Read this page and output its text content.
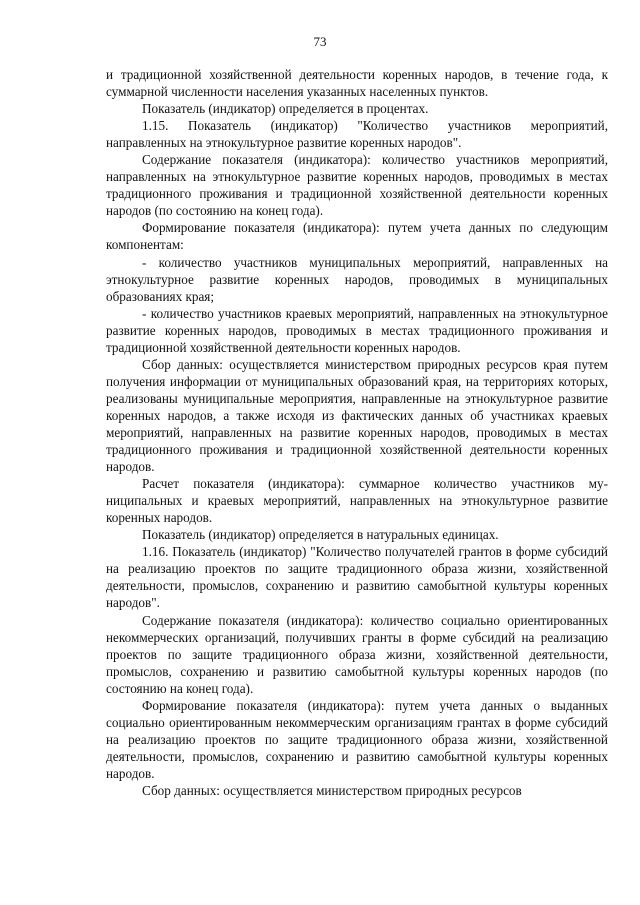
73

и традиционной хозяйственной деятельности коренных народов, в течение года, к суммарной численности населения указанных населенных пунктов.

Показатель (индикатор) определяется в процентах.

1.15. Показатель (индикатор) "Количество участников мероприятий, направленных на этнокультурное развитие коренных народов".

Содержание показателя (индикатора): количество участников мероприятий, направленных на этнокультурное развитие коренных народов, проводимых в местах традиционного проживания и традиционной хозяйственной деятельности коренных народов (по состоянию на конец года).

Формирование показателя (индикатора): путем учета данных по следующим компонентам:

- количество участников муниципальных мероприятий, направленных на этнокультурное развитие коренных народов, проводимых в муниципальных образованиях края;

- количество участников краевых мероприятий, направленных на этнокультурное развитие коренных народов, проводимых в местах традиционного проживания и традиционной хозяйственной деятельности коренных народов.

Сбор данных: осуществляется министерством природных ресурсов края путем получения информации от муниципальных образований края, на территориях которых, реализованы муниципальные мероприятия, направленные на этнокультурное развитие коренных народов, а также исходя из фактических данных об участниках краевых мероприятий, направленных на развитие коренных народов, проводимых в местах традиционного проживания и традиционной хозяйственной деятельности коренных народов.

Расчет показателя (индикатора): суммарное количество участников муниципальных и краевых мероприятий, направленных на этнокультурное развитие коренных народов.

Показатель (индикатор) определяется в натуральных единицах.

1.16. Показатель (индикатор) "Количество получателей грантов в форме субсидий на реализацию проектов по защите традиционного образа жизни, хозяйственной деятельности, промыслов, сохранению и развитию самобытной культуры коренных народов".

Содержание показателя (индикатора): количество социально ориентированных некоммерческих организаций, получивших гранты в форме субсидий на реализацию проектов по защите традиционного образа жизни, хозяйственной деятельности, промыслов, сохранению и развитию самобытной культуры коренных народов (по состоянию на конец года).

Формирование показателя (индикатора): путем учета данных о выданных социально ориентированным некоммерческим организациям грантах в форме субсидий на реализацию проектов по защите традиционного образа жизни, хозяйственной деятельности, промыслов, сохранению и развитию самобытной культуры коренных народов.

Сбор данных: осуществляется министерством природных ресурсов
